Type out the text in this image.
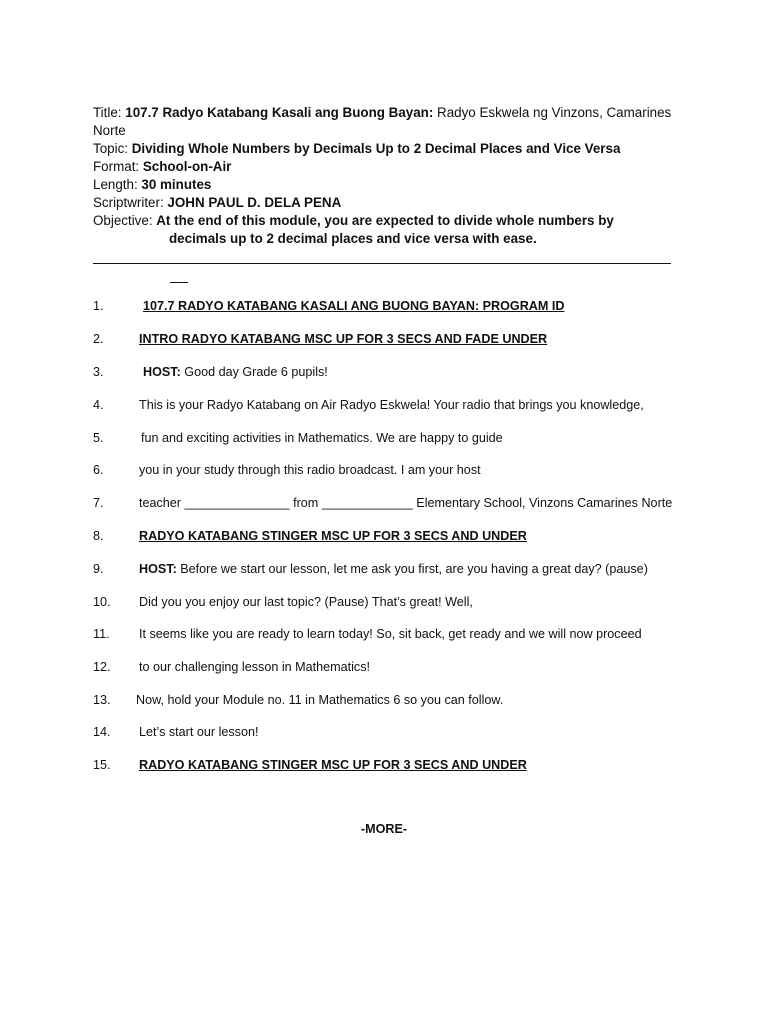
Title: 107.7 Radyo Katabang Kasali ang Buong Bayan: Radyo Eskwela ng Vinzons, Camarines Norte
Topic: Dividing Whole Numbers by Decimals Up to 2 Decimal Places and Vice Versa
Format: School-on-Air
Length: 30 minutes
Scriptwriter: JOHN PAUL D. DELA PENA
Objective: At the end of this module, you are expected to divide whole numbers by
decimals up to 2 decimal places and vice versa with ease.
1.	107.7 RADYO KATABANG KASALI ANG BUONG BAYAN: PROGRAM ID
2.	INTRO RADYO KATABANG MSC UP FOR 3 SECS AND FADE UNDER
3.	HOST: Good day Grade 6 pupils!
4.	This is your Radyo Katabang on Air Radyo Eskwela! Your radio that brings you knowledge,
5.	fun and exciting activities in Mathematics. We are happy to guide
6.	you in your study through this radio broadcast. I am your host
7.	teacher _______________ from _____________ Elementary School, Vinzons Camarines Norte
8.	RADYO KATABANG STINGER MSC UP FOR 3 SECS AND UNDER
9.	HOST: Before we start our lesson, let me ask you first, are you having a great day? (pause)
10.	Did you you enjoy our last topic? (Pause) That’s great! Well,
11.	It seems like you are ready to learn today! So, sit back, get ready and we will now proceed
12.	to our challenging lesson in Mathematics!
13.	Now, hold your Module no. 11 in Mathematics 6 so you can follow.
14.	Let’s start our lesson!
15.	RADYO KATABANG STINGER MSC UP FOR 3 SECS AND UNDER
-MORE-
